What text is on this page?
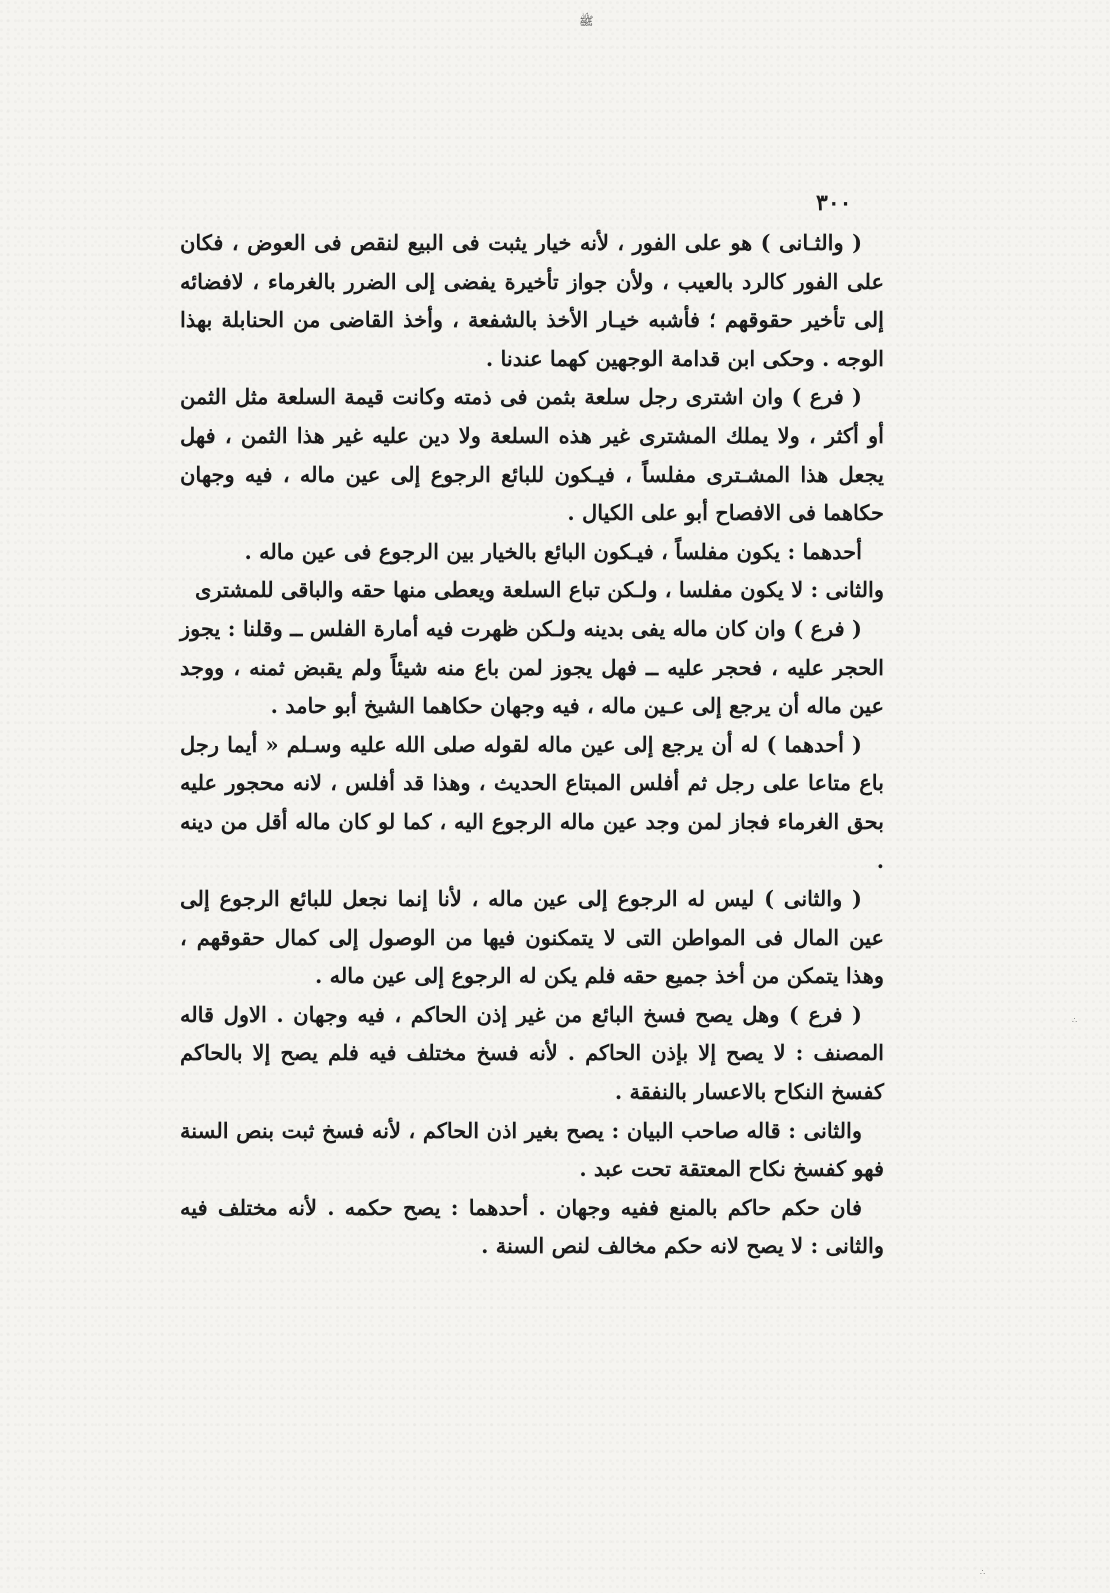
ﷺ
٣٠٠

( والثـانى ) هو على الفور ، لأنه خيار يثبت فى البيع لنقص فى العوض ، فكان على الفور كالرد بالعيب ، ولأن جواز تأخيرة يفضى إلى الضرر بالغرماء ، لافضائه إلى تأخير حقوقهم ؛ فأشبه خيـار الأخذ بالشفعة ، وأخذ القاضى من الحنابلة بهذا الوجه . وحكى ابن قدامة الوجهين كهما عندنا .

( فرع ) وان اشترى رجل سلعة بثمن فى ذمته وكانت قيمة السلعة مثل الثمن أو أكثر ، ولا يملك المشترى غير هذه السلعة ولا دين عليه غير هذا الثمن ، فهل يجعل هذا المشـترى مفلساً ، فيـكون للبائع الرجوع إلى عين ماله ، فيه وجهان حكاهما فى الافصاح أبو على الكيال .

أحدهما : يكون مفلساً ، فيـكون البائع بالخيار بين الرجوع فى عين ماله .

والثانى : لا يكون مفلسا ، ولـكن تباع السلعة ويعطى منها حقه والباقى للمشترى

( فرع ) وان كان ماله يفى بدينه ولـكن ظهرت فيه أمارة الفلس ــ وقلنا : يجوز الحجر عليه ، فحجر عليه ــ فهل يجوز لمن باع منه شيئاً ولم يقبض ثمنه ، ووجد عين ماله أن يرجع إلى عـين ماله ، فيه وجهان حكاهما الشيخ أبو حامد .

( أحدهما ) له أن يرجع إلى عين ماله لقوله صلى الله عليه وسـلم « أيما رجل باع متاعا على رجل ثم أفلس المبتاع الحديث ، وهذا قد أفلس ، لانه محجور عليه بحق الغرماء فجاز لمن وجد عين ماله الرجوع اليه ، كما لو كان ماله أقل من دينه .

( والثانى ) ليس له الرجوع إلى عين ماله ، لأنا إنما نجعل للبائع الرجوع إلى عين المال فى المواطن التى لا يتمكنون فيها من الوصول إلى كمال حقوقهم ، وهذا يتمكن من أخذ جميع حقه فلم يكن له الرجوع إلى عين ماله .

( فرع ) وهل يصح فسخ البائع من غير إذن الحاكم ، فيه وجهان . الاول قاله المصنف : لا يصح إلا بإذن الحاكم . لأنه فسخ مختلف فيه فلم يصح إلا بالحاكم كفسخ النكاح بالاعسار بالنفقة .

والثانى : قاله صاحب البيان : يصح بغير اذن الحاكم ، لأنه فسخ ثبت بنص السنة فهو كفسخ نكاح المعتقة تحت عبد .

فان حكم حاكم بالمنع ففيه وجهان . أحدهما : يصح حكمه . لأنه مختلف فيه والثانى : لا يصح لانه حكم مخالف لنص السنة .

∴
∴
